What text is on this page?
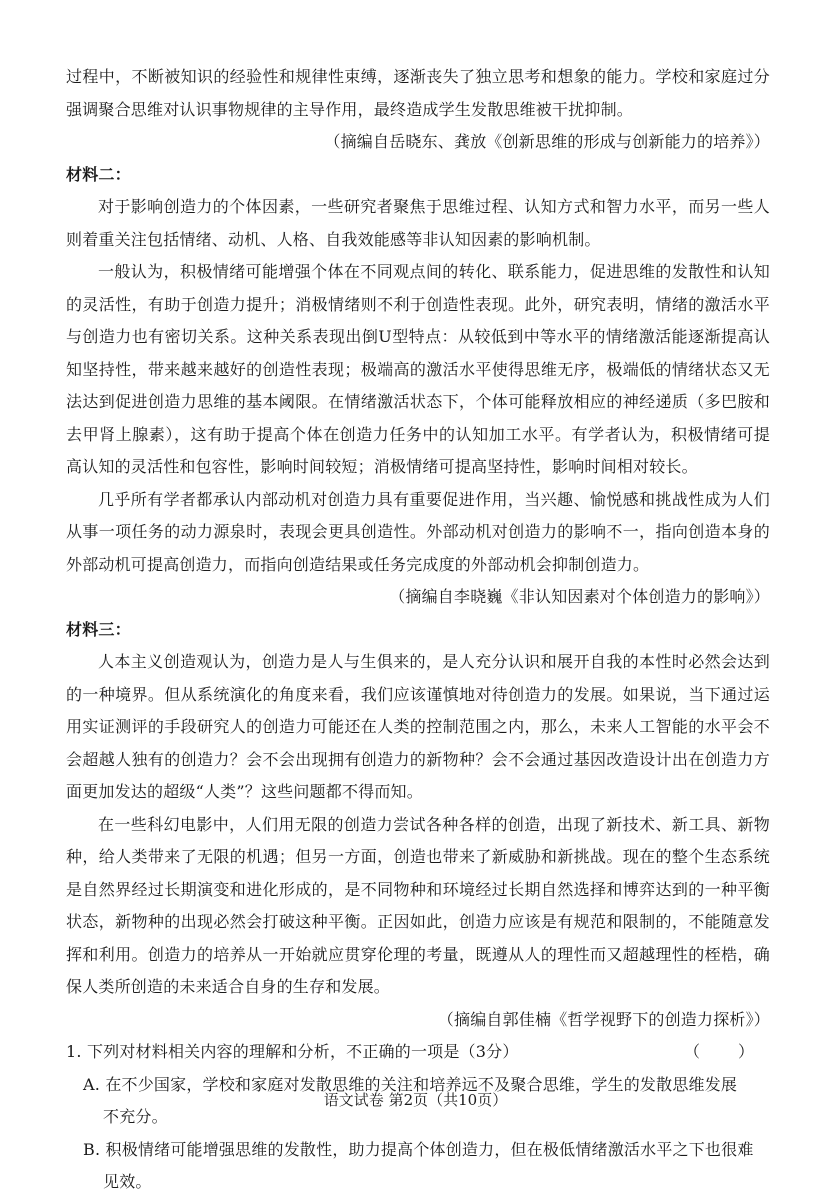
过程中，不断被知识的经验性和规律性束缚，逐渐丧失了独立思考和想象的能力。学校和家庭过分强调聚合思维对认识事物规律的主导作用，最终造成学生发散思维被干扰抑制。

（摘编自岳晓东、龚放《创新思维的形成与创新能力的培养》）

材料二：

对于影响创造力的个体因素，一些研究者聚焦于思维过程、认知方式和智力水平，而另一些人则着重关注包括情绪、动机、人格、自我效能感等非认知因素的影响机制。

一般认为，积极情绪可能增强个体在不同观点间的转化、联系能力，促进思维的发散性和认知的灵活性，有助于创造力提升；消极情绪则不利于创造性表现。此外，研究表明，情绪的激活水平与创造力也有密切关系。这种关系表现出倒U型特点：从较低到中等水平的情绪激活能逐渐提高认知坚持性，带来越来越好的创造性表现；极端高的激活水平使得思维无序，极端低的情绪状态又无法达到促进创造力思维的基本阈限。在情绪激活状态下，个体可能释放相应的神经递质（多巴胺和去甲肾上腺素），这有助于提高个体在创造力任务中的认知加工水平。有学者认为，积极情绪可提高认知的灵活性和包容性，影响时间较短；消极情绪可提高坚持性，影响时间相对较长。

几乎所有学者都承认内部动机对创造力具有重要促进作用，当兴趣、愉悦感和挑战性成为人们从事一项任务的动力源泉时，表现会更具创造性。外部动机对创造力的影响不一，指向创造本身的外部动机可提高创造力，而指向创造结果或任务完成度的外部动机会抑制创造力。

（摘编自李晓巍《非认知因素对个体创造力的影响》）

材料三：

人本主义创造观认为，创造力是人与生俱来的，是人充分认识和展开自我的本性时必然会达到的一种境界。但从系统演化的角度来看，我们应该谨慎地对待创造力的发展。如果说，当下通过运用实证测评的手段研究人的创造力可能还在人类的控制范围之内，那么，未来人工智能的水平会不会超越人独有的创造力？会不会出现拥有创造力的新物种？会不会通过基因改造设计出在创造力方面更加发达的超级“人类”？这些问题都不得而知。

在一些科幻电影中，人们用无限的创造力尝试各种各样的创造，出现了新技术、新工具、新物种，给人类带来了无限的机遇；但另一方面，创造也带来了新威胁和新挑战。现在的整个生态系统是自然界经过长期演变和进化形成的，是不同物种和环境经过长期自然选择和博弈达到的一种平衡状态，新物种的出现必然会打破这种平衡。正因如此，创造力应该是有规范和限制的，不能随意发挥和利用。创造力的培养从一开始就应贯穿伦理的考量，既遵从人的理性而又超越理性的桎梏，确保人类所创造的未来适合自身的生存和发展。

（摘编自郭佳楠《哲学视野下的创造力探析》）

1. 下列对材料相关内容的理解和分析，不正确的一项是（3分）	（　　）

A. 在不少国家，学校和家庭对发散思维的关注和培养远不及聚合思维，学生的发散思维发展

不充分。

B. 积极情绪可能增强思维的发散性，助力提高个体创造力，但在极低情绪激活水平之下也很难

见效。

语文试卷 第2页（共10页）
